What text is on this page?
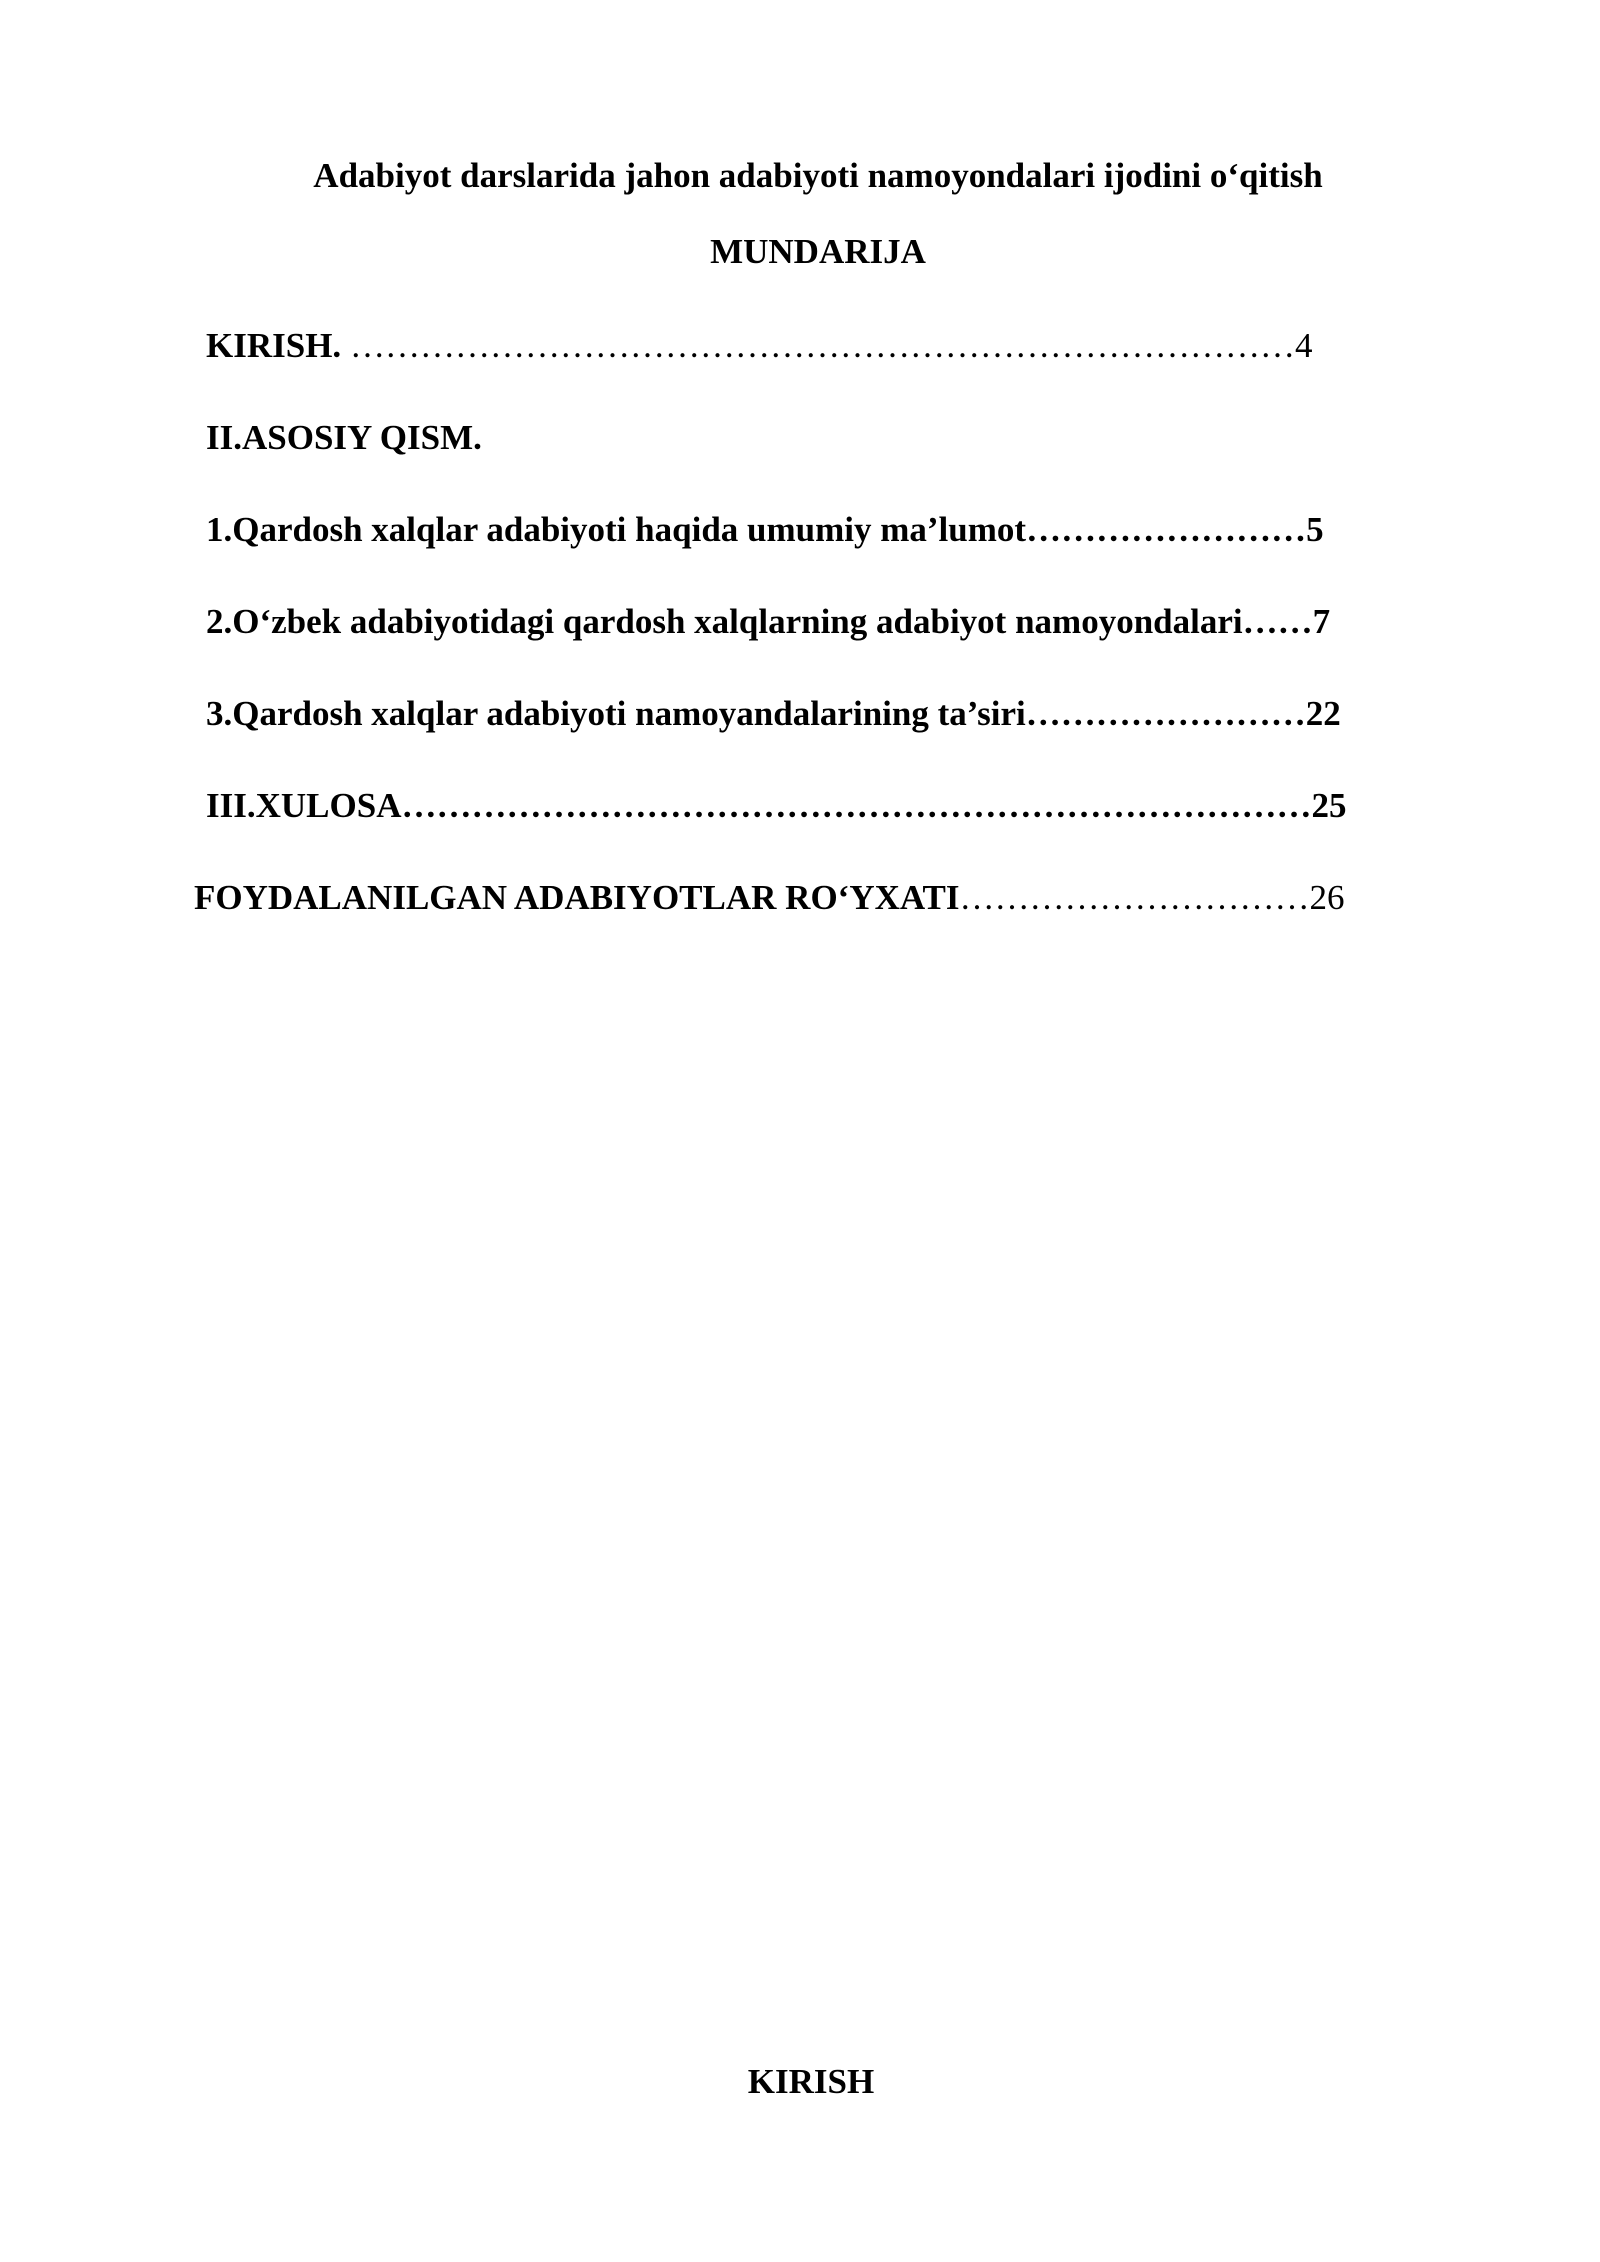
Adabiyot darslarida jahon adabiyoti namoyondalari ijodini o‘qitish
MUNDARIJA

KIRISH. ………………………………………………………………………4

II.ASOSIY QISM.

1.Qardosh xalqlar adabiyoti haqida umumiy ma’lumot……………………5

2.O‘zbek adabiyotidagi qardosh xalqlarning adabiyot namoyondalari……7

3.Qardosh xalqlar adabiyoti namoyandalarining ta’siri……………………22

III.XULOSA……………………………………………………………………25

FOYDALANILGAN ADABIYOTLAR RO‘YXATI…………………………26

KIRISH
